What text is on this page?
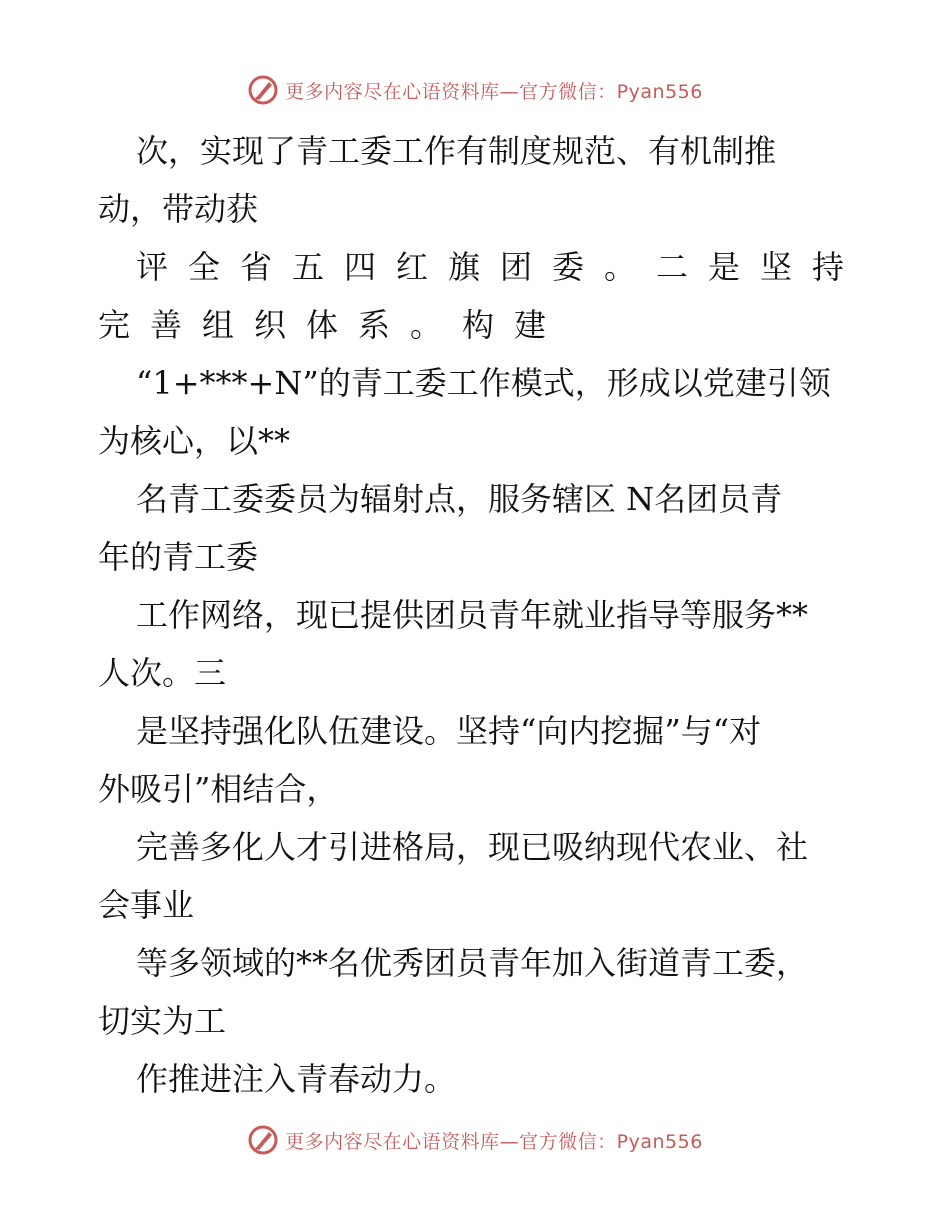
更多内容尽在心语资料库—官方微信：Pyan556

次，实现了青工委工作有制度规范、有机制推

动，带动获

评全省五四红旗团委。二是坚持

完善组织体系。构建

“1+***+N”的青工委工作模式，形成以党建引领

为核心，以**

名青工委委员为辐射点，服务辖区 N名团员青

年的青工委

工作网络，现已提供团员青年就业指导等服务**

人次。三

是坚持强化队伍建设。坚持“向内挖掘”与“对

外吸引”相结合，

完善多化人才引进格局，现已吸纳现代农业、社

会事业

等多领域的**名优秀团员青年加入街道青工委，

切实为工

作推进注入青春动力。

更多内容尽在心语资料库—官方微信：Pyan556
